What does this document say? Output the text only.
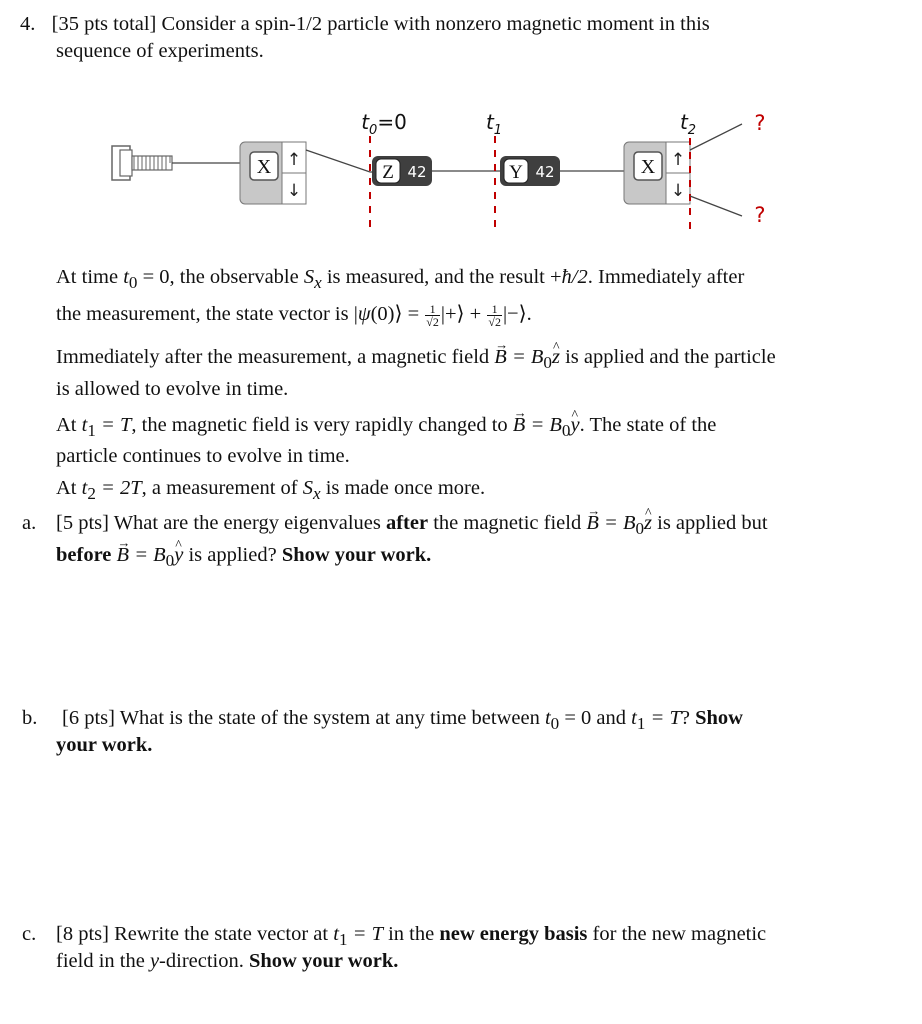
4. [35 pts total] Consider a spin-1/2 particle with nonzero magnetic moment in this
sequence of experiments.
X ↑
↓
$t_0=0$
Z 42
$t_1$
Y 42	X ↑
↓
$t_2$	?
?
At time $t_0 = 0$, the observable $S_x$ is measured, and the result +ħ/2. Immediately after
the measurement, the state vector is |ψ(0)⟩ = $\frac{1}{√2}$ |+⟩ + $\frac{1}{√2}$ |−⟩.
Immediately after the measurement, a magnetic field → $B = B_0\^{}$ z is applied and the particle
is allowed to evolve in time.
At $t_1 = T$, the magnetic field is very rapidly changed to → $B = B_0\^{}$ y. The state of the
particle continues to evolve in time.
At $t_2 = 2T$, a measurement of $S_x$ is made once more.
a. [5 pts] What are the energy eigenvalues after the magnetic field → $B = B_0\^{}$ z is applied but
before → $B = B_0\^{}$ y is applied? Show your work.
b. [6 pts] What is the state of the system at any time between $t_0 = 0$ and $t_1 = T$? Show
your work.
c. [8 pts] Rewrite the state vector at $t_1 = T$ in the new energy basis for the new magnetic
field in the y-direction. Show your work.
